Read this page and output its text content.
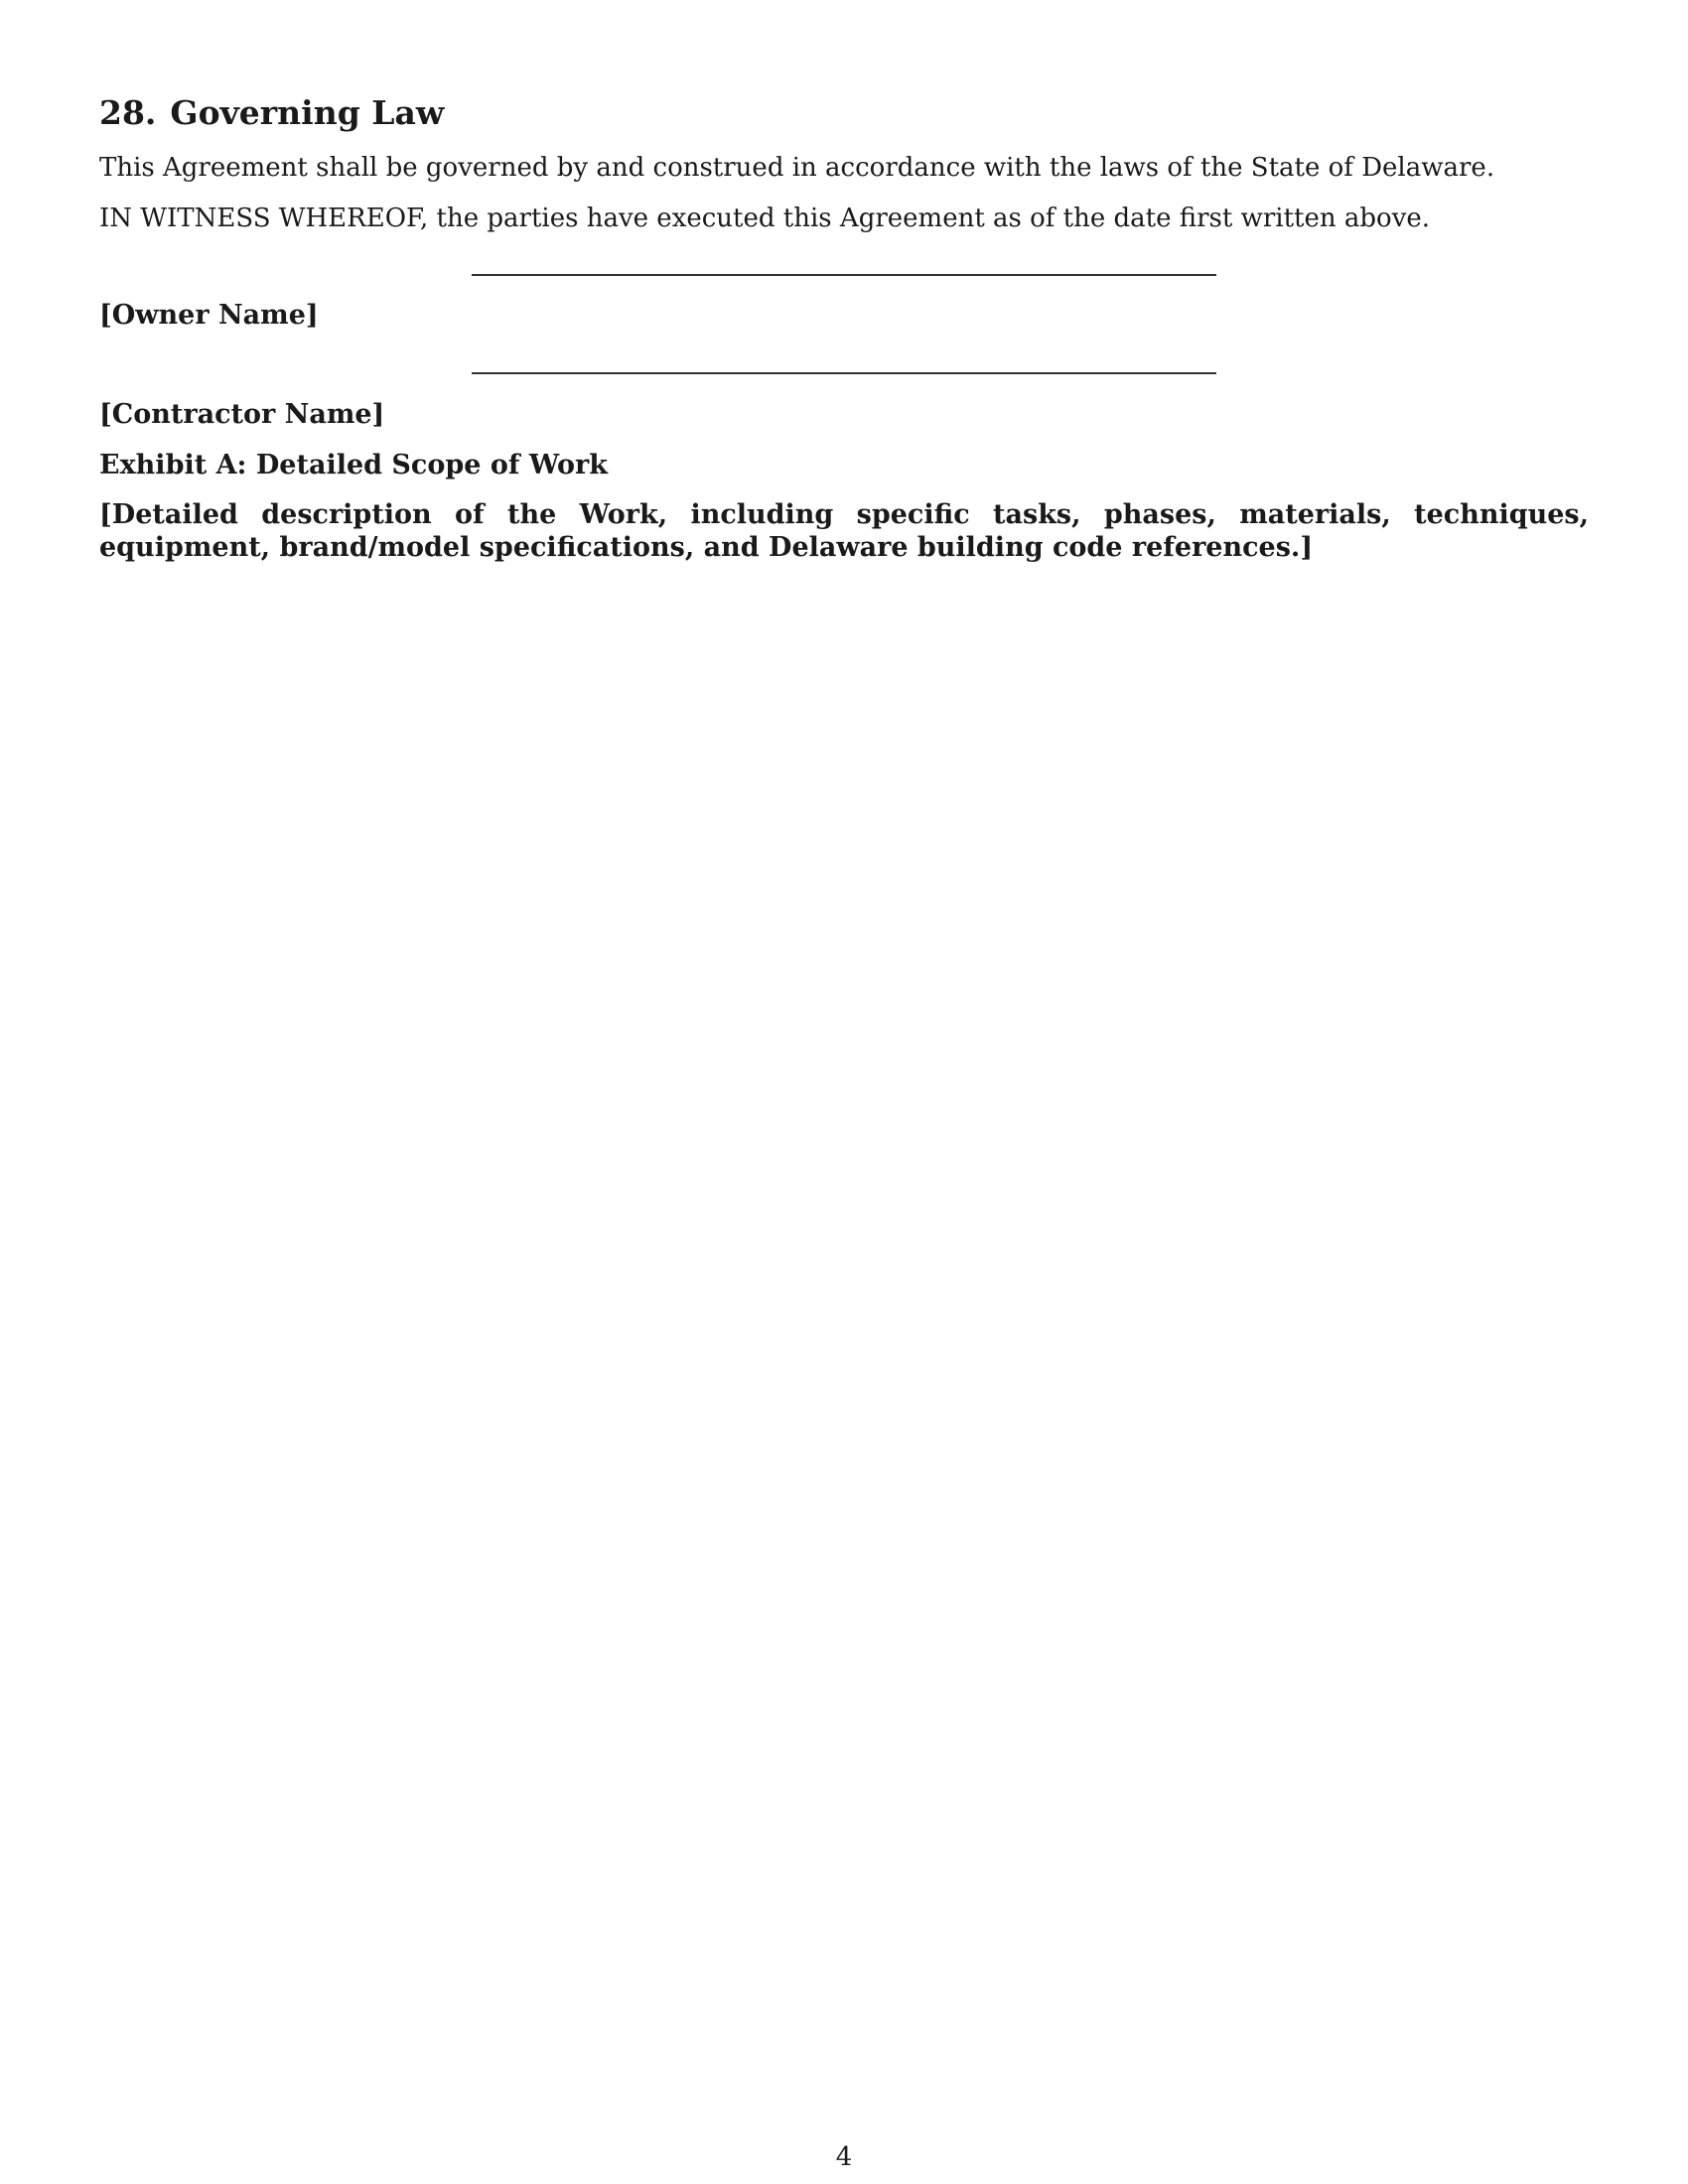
28. Governing Law

This Agreement shall be governed by and construed in accordance with the laws of the State of Delaware.

IN WITNESS WHEREOF, the parties have executed this Agreement as of the date first written above.

[Owner Name]

[Contractor Name]

Exhibit A: Detailed Scope of Work

[Detailed description of the Work, including specific tasks, phases, materials, techniques, equipment, brand/model specifications, and Delaware building code references.]

4
